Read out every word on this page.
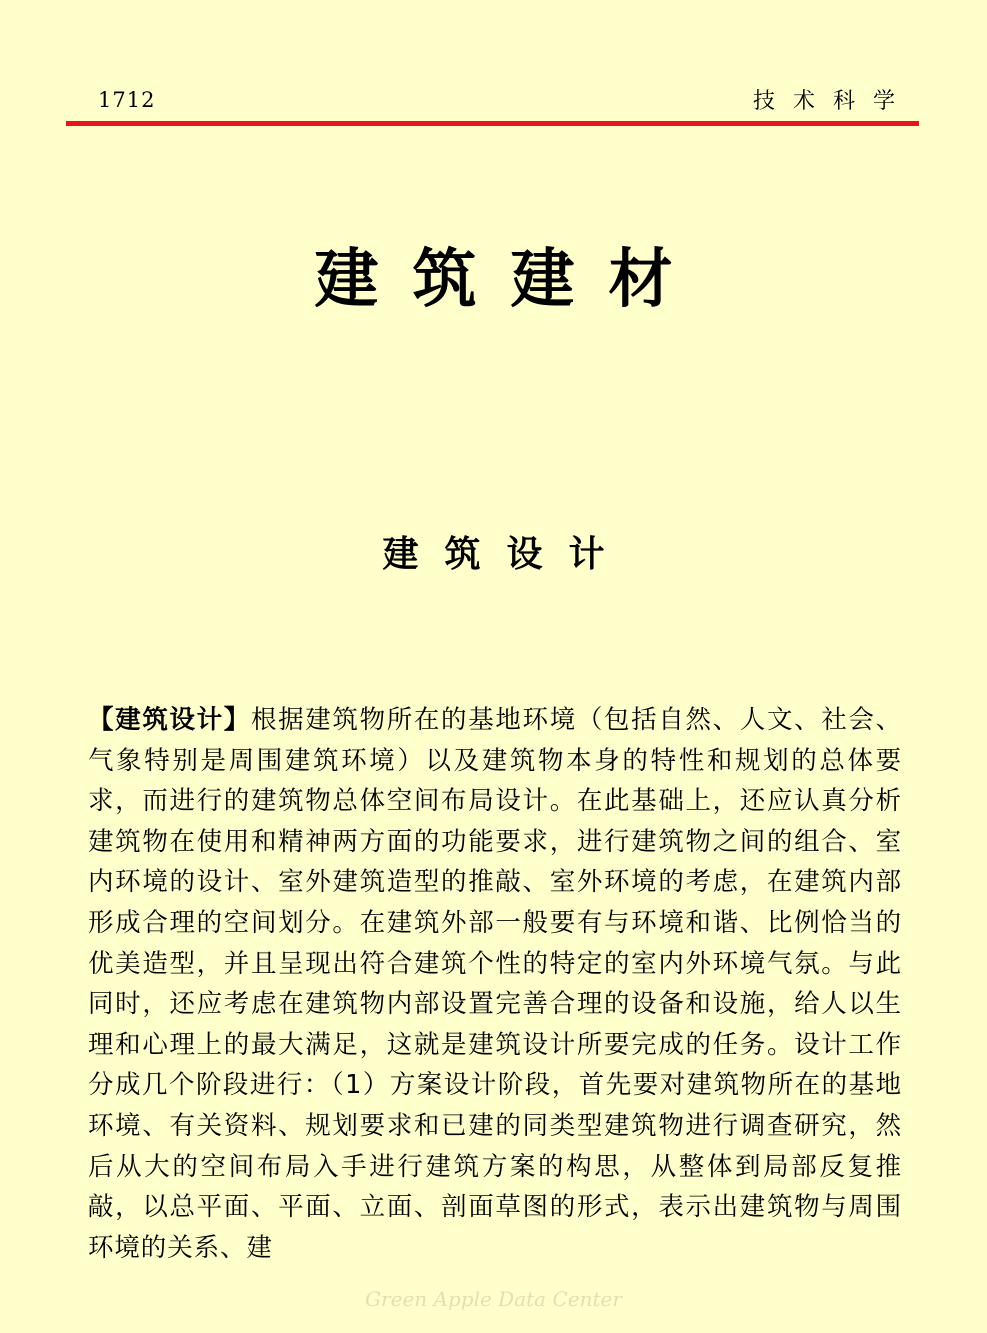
1712	技术科学
建筑建材
建筑设计

【建筑设计】根据建筑物所在的基地环境（包括自然、人文、社会、气象特别是周围建筑环境）以及建筑物本身的特性和规划的总体要求，而进行的建筑物总体空间布局设计。在此基础上，还应认真分析建筑物在使用和精神两方面的功能要求，进行建筑物之间的组合、室内环境的设计、室外建筑造型的推敲、室外环境的考虑，在建筑内部形成合理的空间划分。在建筑外部一般要有与环境和谐、比例恰当的优美造型，并且呈现出符合建筑个性的特定的室内外环境气氛。与此同时，还应考虑在建筑物内部设置完善合理的设备和设施，给人以生理和心理上的最大满足，这就是建筑设计所要完成的任务。设计工作分成几个阶段进行：（1）方案设计阶段，首先要对建筑物所在的基地环境、有关资料、规划要求和已建的同类型建筑物进行调查研究，然后从大的空间布局入手进行建筑方案的构思，从整体到局部反复推敲，以总平面、平面、立面、剖面草图的形式，表示出建筑物与周围环境的关系、建

Green Apple Data Center
